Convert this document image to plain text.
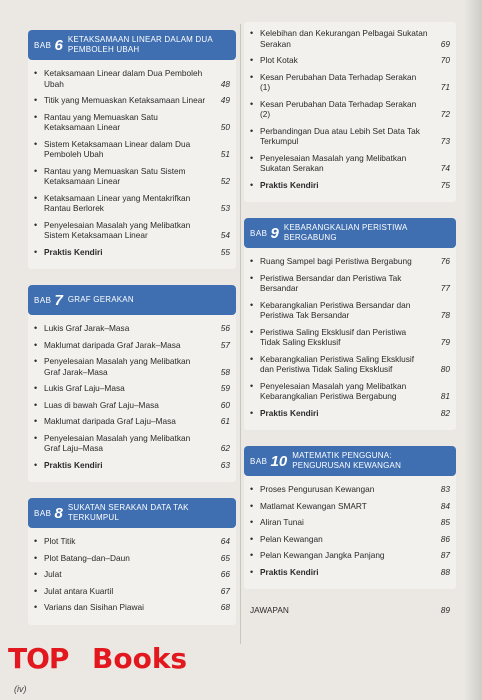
BAB 6 KETAKSAMAAN LINEAR DALAM DUA PEMBOLEH UBAH
• Ketaksamaan Linear dalam Dua Pemboleh Ubah	48
• Titik yang Memuaskan Ketaksamaan Linear	49
• Rantau yang Memuaskan Satu Ketaksamaan Linear	50
• Sistem Ketaksamaan Linear dalam Dua Pemboleh Ubah	51
• Rantau yang Memuaskan Satu Sistem Ketaksamaan Linear	52
• Ketaksamaan Linear yang Mentakrifkan Rantau Berlorek	53
• Penyelesaian Masalah yang Melibatkan Sistem Ketaksamaan Linear	54
• Praktis Kendiri	55
BAB 7 GRAF GERAKAN
• Lukis Graf Jarak–Masa	56
• Maklumat daripada Graf Jarak–Masa	57
• Penyelesaian Masalah yang Melibatkan Graf Jarak–Masa	58
• Lukis Graf Laju–Masa	59
• Luas di bawah Graf Laju–Masa	60
• Maklumat daripada Graf Laju–Masa	61
• Penyelesaian Masalah yang Melibatkan Graf Laju–Masa	62
• Praktis Kendiri	63
BAB 8 SUKATAN SERAKAN DATA TAK TERKUMPUL
• Plot Titik	64
• Plot Batang–dan–Daun	65
• Julat	66
• Julat antara Kuartil	67
• Varians dan Sisihan Piawai	68
• Kelebihan dan Kekurangan Pelbagai Sukatan Serakan	69
• Plot Kotak	70
• Kesan Perubahan Data Terhadap Serakan (1)	71
• Kesan Perubahan Data Terhadap Serakan (2)	72
• Perbandingan Dua atau Lebih Set Data Tak Terkumpul	73
• Penyelesaian Masalah yang Melibatkan Sukatan Serakan	74
• Praktis Kendiri	75
BAB 9 KEBARANGKALIAN PERISTIWA BERGABUNG
• Ruang Sampel bagi Peristiwa Bergabung	76
• Peristiwa Bersandar dan Peristiwa Tak Bersandar	77
• Kebarangkalian Peristiwa Bersandar dan Peristiwa Tak Bersandar	78
• Peristiwa Saling Eksklusif dan Peristiwa Tidak Saling Eksklusif	79
• Kebarangkalian Peristiwa Saling Eksklusif dan Peristiwa Tidak Saling Eksklusif	80
• Penyelesaian Masalah yang Melibatkan Kebarangkalian Peristiwa Bergabung	81
• Praktis Kendiri	82
BAB 10 MATEMATIK PENGGUNA: PENGURUSAN KEWANGAN
• Proses Pengurusan Kewangan	83
• Matlamat Kewangan SMART	84
• Aliran Tunai	85
• Pelan Kewangan	86
• Pelan Kewangan Jangka Panjang	87
• Praktis Kendiri	88
JAWAPAN	89
TOP Books
(iv)
